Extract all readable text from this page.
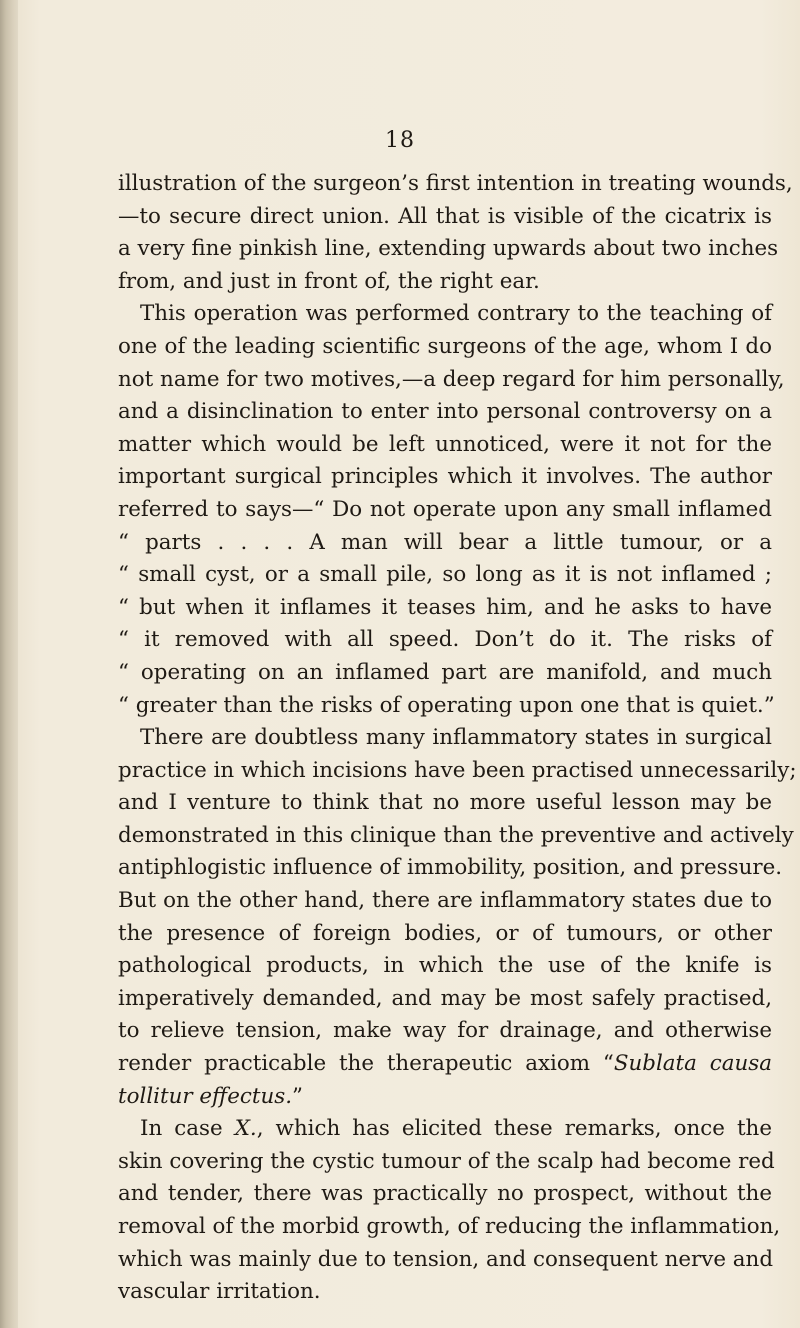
18
illustration of the surgeon’s first intention in treating wounds,
—to secure direct union. All that is visible of the cicatrix is
a very fine pinkish line, extending upwards about two inches
from, and just in front of, the right ear.
This operation was performed contrary to the teaching of
one of the leading scientific surgeons of the age, whom I do
not name for two motives,—a deep regard for him personally,
and a disinclination to enter into personal controversy on a
matter which would be left unnoticed, were it not for the
important surgical principles which it involves. The author
referred to says—“ Do not operate upon any small inflamed
“ parts . . . . A man will bear a little tumour, or a
“ small cyst, or a small pile, so long as it is not inflamed ;
“ but when it inflames it teases him, and he asks to have
“ it removed with all speed. Don’t do it. The risks of
“ operating on an inflamed part are manifold, and much
“ greater than the risks of operating upon one that is quiet.”
There are doubtless many inflammatory states in surgical
practice in which incisions have been practised unnecessarily;
and I venture to think that no more useful lesson may be
demonstrated in this clinique than the preventive and actively
antiphlogistic influence of immobility, position, and pressure.
But on the other hand, there are inflammatory states due to
the presence of foreign bodies, or of tumours, or other
pathological products, in which the use of the knife is
imperatively demanded, and may be most safely practised,
to relieve tension, make way for drainage, and otherwise
render practicable the therapeutic axiom “Sublata causa
tollitur effectus.”
In case X., which has elicited these remarks, once the
skin covering the cystic tumour of the scalp had become red
and tender, there was practically no prospect, without the
removal of the morbid growth, of reducing the inflammation,
which was mainly due to tension, and consequent nerve and
vascular irritation.
